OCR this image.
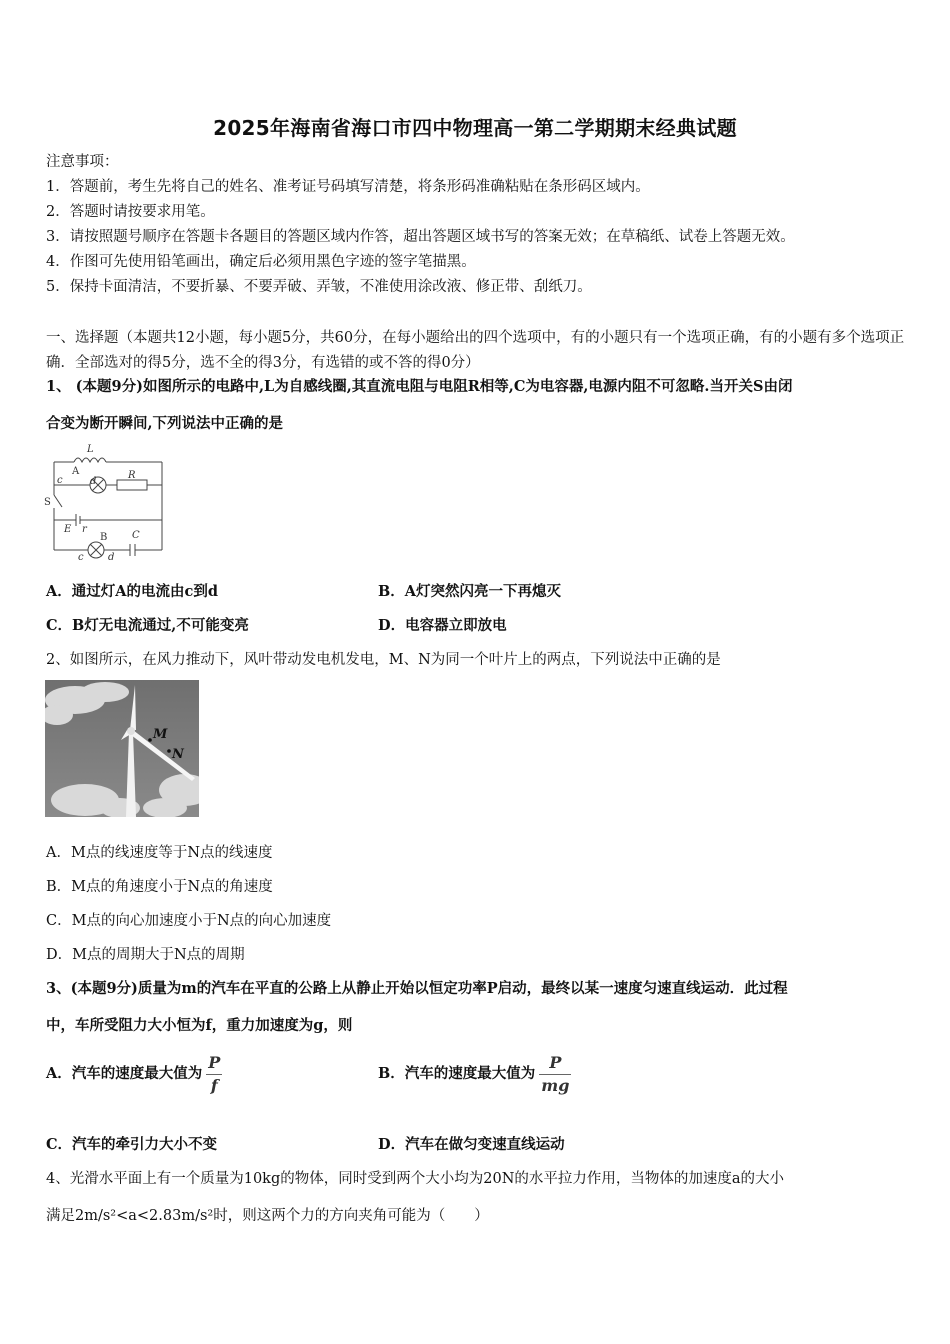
2025年海南省海口市四中物理高一第二学期期末经典试题
注意事项：
1．答题前，考生先将自己的姓名、准考证号码填写清楚，将条形码准确粘贴在条形码区域内。
2．答题时请按要求用笔。
3．请按照题号顺序在答题卡各题目的答题区域内作答，超出答题区域书写的答案无效；在草稿纸、试卷上答题无效。
4．作图可先使用铅笔画出，确定后必须用黑色字迹的签字笔描黑。
5．保持卡面清洁，不要折暴、不要弄破、弄皱，不准使用涂改液、修正带、刮纸刀。
一、选择题（本题共12小题，每小题5分，共60分，在每小题给出的四个选项中，有的小题只有一个选项正确，有的小题有多个选项正确．全部选对的得5分，选不全的得3分，有选错的或不答的得0分）
1、 (本题9分)如图所示的电路中,L为自感线圈,其直流电阻与电阻R相等,C为电容器,电源内阻不可忽略.当开关S由闭
合变为断开瞬间,下列说法中正确的是
L
A
c	d
R
S
E r
B C
c d
A．通过灯A的电流由c到d	B．A灯突然闪亮一下再熄灭
C．B灯无电流通过,不可能变亮	D．电容器立即放电
2、如图所示，在风力推动下，风叶带动发电机发电，M、N为同一个叶片上的两点，下列说法中正确的是
M
N
A．M点的线速度等于N点的线速度
B．M点的角速度小于N点的角速度
C．M点的向心加速度小于N点的向心加速度
D．M点的周期大于N点的周期
3、(本题9分)质量为m的汽车在平直的公路上从静止开始以恒定功率P启动，最终以某一速度匀速直线运动．此过程
中，车所受阻力大小恒为f，重力加速度为g，则
A．汽车的速度最大值为 $\frac{P}{f}$	B．汽车的速度最大值为 $\frac{P}{mg}$
C．汽车的牵引力大小不变	D．汽车在做匀变速直线运动
4、光滑水平面上有一个质量为10kg的物体，同时受到两个大小均为20N的水平拉力作用，当物体的加速度a的大小
满足2m/s²<a<2.83m/s²时，则这两个力的方向夹角可能为（　　）
